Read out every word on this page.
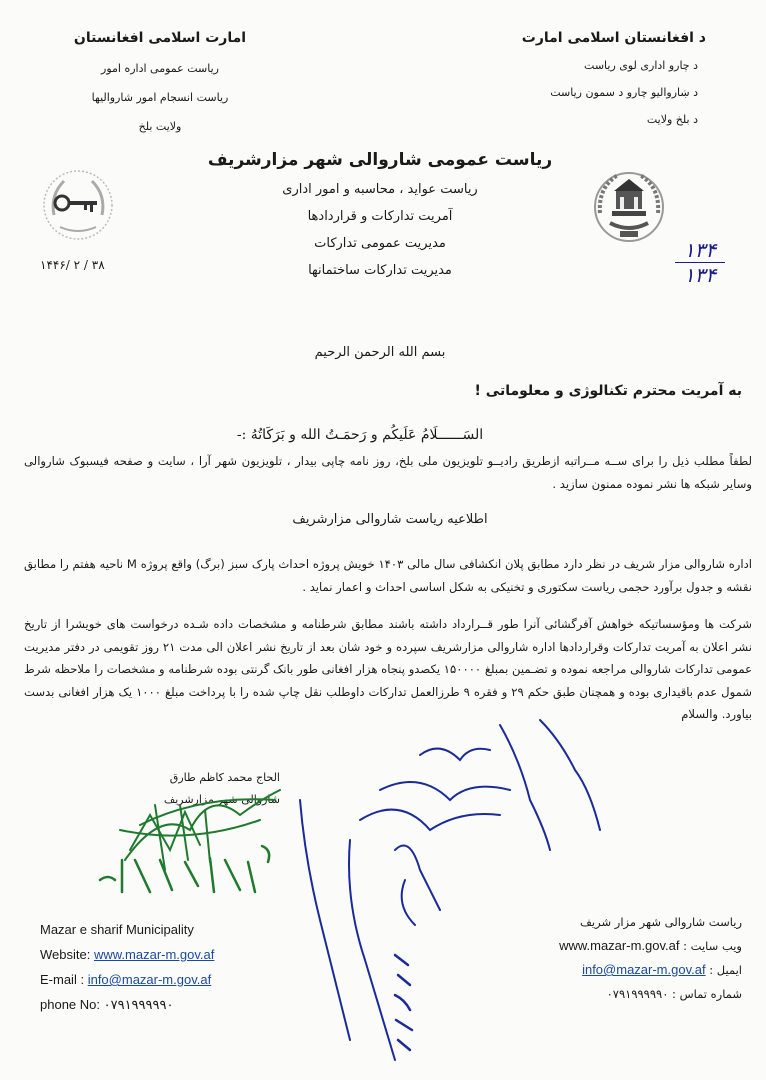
امارت اسلامی افغانستان
ریاست عمومی اداره امور
ریاست انسجام امور شاروالیها
ولایت بلخ
د افغانستان اسلامی امارت
د چارو اداری لوی ریاست
د ښاروالیو چارو د سمون ریاست
د بلخ ولایت
ریاست عمومی شاروالی شهر مزارشریف
ریاست عواید ، محاسبه و امور اداری
آمریت تدارکات و قراردادها
مدیریت عمومی تدارکات
مدیریت تدارکات ساختمانها
۱۴۴۶/ ۲ / ۳۸	$\frac{۱۳۴}{۱۳۴}$
بسم الله الرحمن الرحیم
به آمریت محترم تکنالوژی و معلوماتی !
السَــــــلَامُ عَلَيكُم و رَحمَـتُ الله و بَرَكَاتُهُ :-
لطفاً مطلب ذیل را برای ســه مــراتبه ازطریق رادیــو تلویزیون ملی بلخ، روز نامه چاپی بیدار ، تلویزیون شهر آرا ، سایت و صفحه فیسبوک شاروالی وسایر شبکه ها نشر نموده ممنون سازید .
اطلاعیه ریاست شاروالی مزارشریف
اداره شاروالی مزار شریف در نظر دارد مطابق پلان انکشافی سال مالی ۱۴۰۳ خویش پروژه احداث پارک سبز (برگ) واقع پروژه M ناحیه هفتم را مطابق نقشه و جدول برآورد حجمی ریاست سکتوری و تخنیکی به شکل اساسی احداث و اعمار نماید .
شرکت ها ومؤسساتیکه خواهش آفرگشائی آنرا طور قــرارداد داشته باشند مطابق شرطنامه و مشخصات داده شـده درخواست های خویشرا از تاریخ نشر اعلان به آمریت تدارکات وقراردادها اداره شاروالی مزارشریف سپرده و خود شان بعد از تاریخ نشر اعلان الی مدت ۲۱ روز تقویمی در دفتر مدیریت عمومی تدارکات شاروالی مراجعه نموده و تضـمین بمبلغ ۱۵۰۰۰۰ یکصدو پنجاه هزار افغانی طور بانک گرنتی بوده شرطنامه و مشخصات را ملاحظه شرط شمول عدم باقیداری بوده و همچنان طبق حکم ۲۹ و فقره ۹ طرزالعمل تدارکات داوطلب نقل چاپ شده را با پرداخت مبلغ ۱۰۰۰ یک هزار افغانی بدست بیاورد. والسلام
الحاج محمد کاظم طارق
شاروالی شهر مزارشریف
Mazar e sharif Municipality
Website: www.mazar-m.gov.af
E-mail : info@mazar-m.gov.af
phone No: ۰۷۹۱۹۹۹۹۹۰
ریاست شاروالی شهر مزار شریف
ویب سایت : www.mazar-m.gov.af
ایمیل : info@mazar-m.gov.af
شماره تماس : ۰۷۹۱۹۹۹۹۹۰
